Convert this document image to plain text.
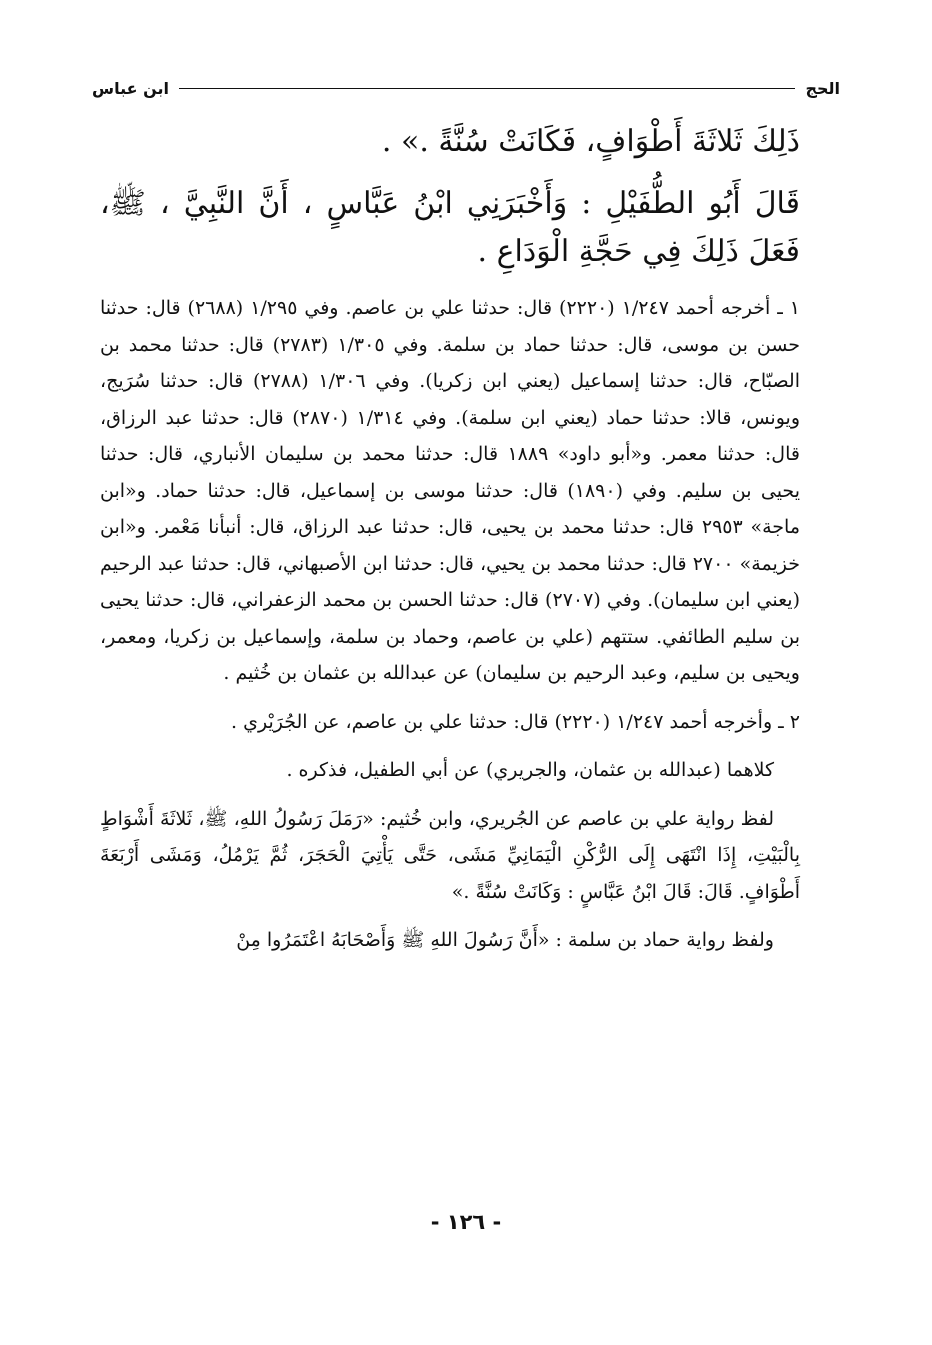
الحج
ابن عباس

ذَلِكَ ثَلاثَةَ أَطْوَافٍ، فَكَانَتْ سُنَّةً .» .

قَالَ أَبُو الطُّفَيْلِ : وَأَخْبَرَنِي ابْنُ عَبَّاسٍ ، أَنَّ النَّبِيَّ ، ﷺ، فَعَلَ ذَلِكَ فِي حَجَّةِ الْوَدَاعِ .

١ ـ أخرجه أحمد ١/٢٤٧ (٢٢٢٠) قال: حدثنا علي بن عاصم. وفي ١/٢٩٥ (٢٦٨٨) قال: حدثنا حسن بن موسى، قال: حدثنا حماد بن سلمة. وفي ١/٣٠٥ (٢٧٨٣) قال: حدثنا محمد بن الصبّاح، قال: حدثنا إسماعيل (يعني ابن زكريا). وفي ١/٣٠٦ (٢٧٨٨) قال: حدثنا سُرَيج، ويونس، قالا: حدثنا حماد (يعني ابن سلمة). وفي ١/٣١٤ (٢٨٧٠) قال: حدثنا عبد الرزاق، قال: حدثنا معمر. و«أبو داود» ١٨٨٩ قال: حدثنا محمد بن سليمان الأنباري، قال: حدثنا يحيى بن سليم. وفي (١٨٩٠) قال: حدثنا موسى بن إسماعيل، قال: حدثنا حماد. و«ابن ماجة» ٢٩٥٣ قال: حدثنا محمد بن يحيى، قال: حدثنا عبد الرزاق، قال: أنبأنا مَعْمر. و«ابن خزيمة» ٢٧٠٠ قال: حدثنا محمد بن يحيي، قال: حدثنا ابن الأصبهاني، قال: حدثنا عبد الرحيم (يعني ابن سليمان). وفي (٢٧٠٧) قال: حدثنا الحسن بن محمد الزعفراني، قال: حدثنا يحيى بن سليم الطائفي. ستتهم (علي بن عاصم، وحماد بن سلمة، وإسماعيل بن زكريا، ومعمر، ويحيى بن سليم، وعبد الرحيم بن سليمان) عن عبدالله بن عثمان بن خُثيم .

٢ ـ وأخرجه أحمد ١/٢٤٧ (٢٢٢٠) قال: حدثنا علي بن عاصم، عن الجُرَيْري .

كلاهما (عبدالله بن عثمان، والجريري) عن أبي الطفيل، فذكره .

لفظ رواية علي بن عاصم عن الجُريري، وابن خُثيم: «رَمَلَ رَسُولُ اللهِ، ﷺ، ثَلاثَةَ أَشْوَاطٍ بِالْبَيْتِ، إِذَا انْتَهَى إِلَى الرُّكْنِ الْيَمَانِيِّ مَشَى، حَتَّى يَأْتِيَ الْحَجَرَ، ثُمَّ يَرْمُلُ، وَمَشَى أَرْبَعَةَ أَطْوَافٍ. قَالَ: قَالَ ابْنُ عَبَّاسٍ : وَكَانَتْ سُنَّةً .»

ولفظ رواية حماد بن سلمة : «أَنَّ رَسُولَ اللهِ ﷺ وَأَصْحَابَهُ اعْتَمَرُوا مِنْ

- ١٢٦ -
